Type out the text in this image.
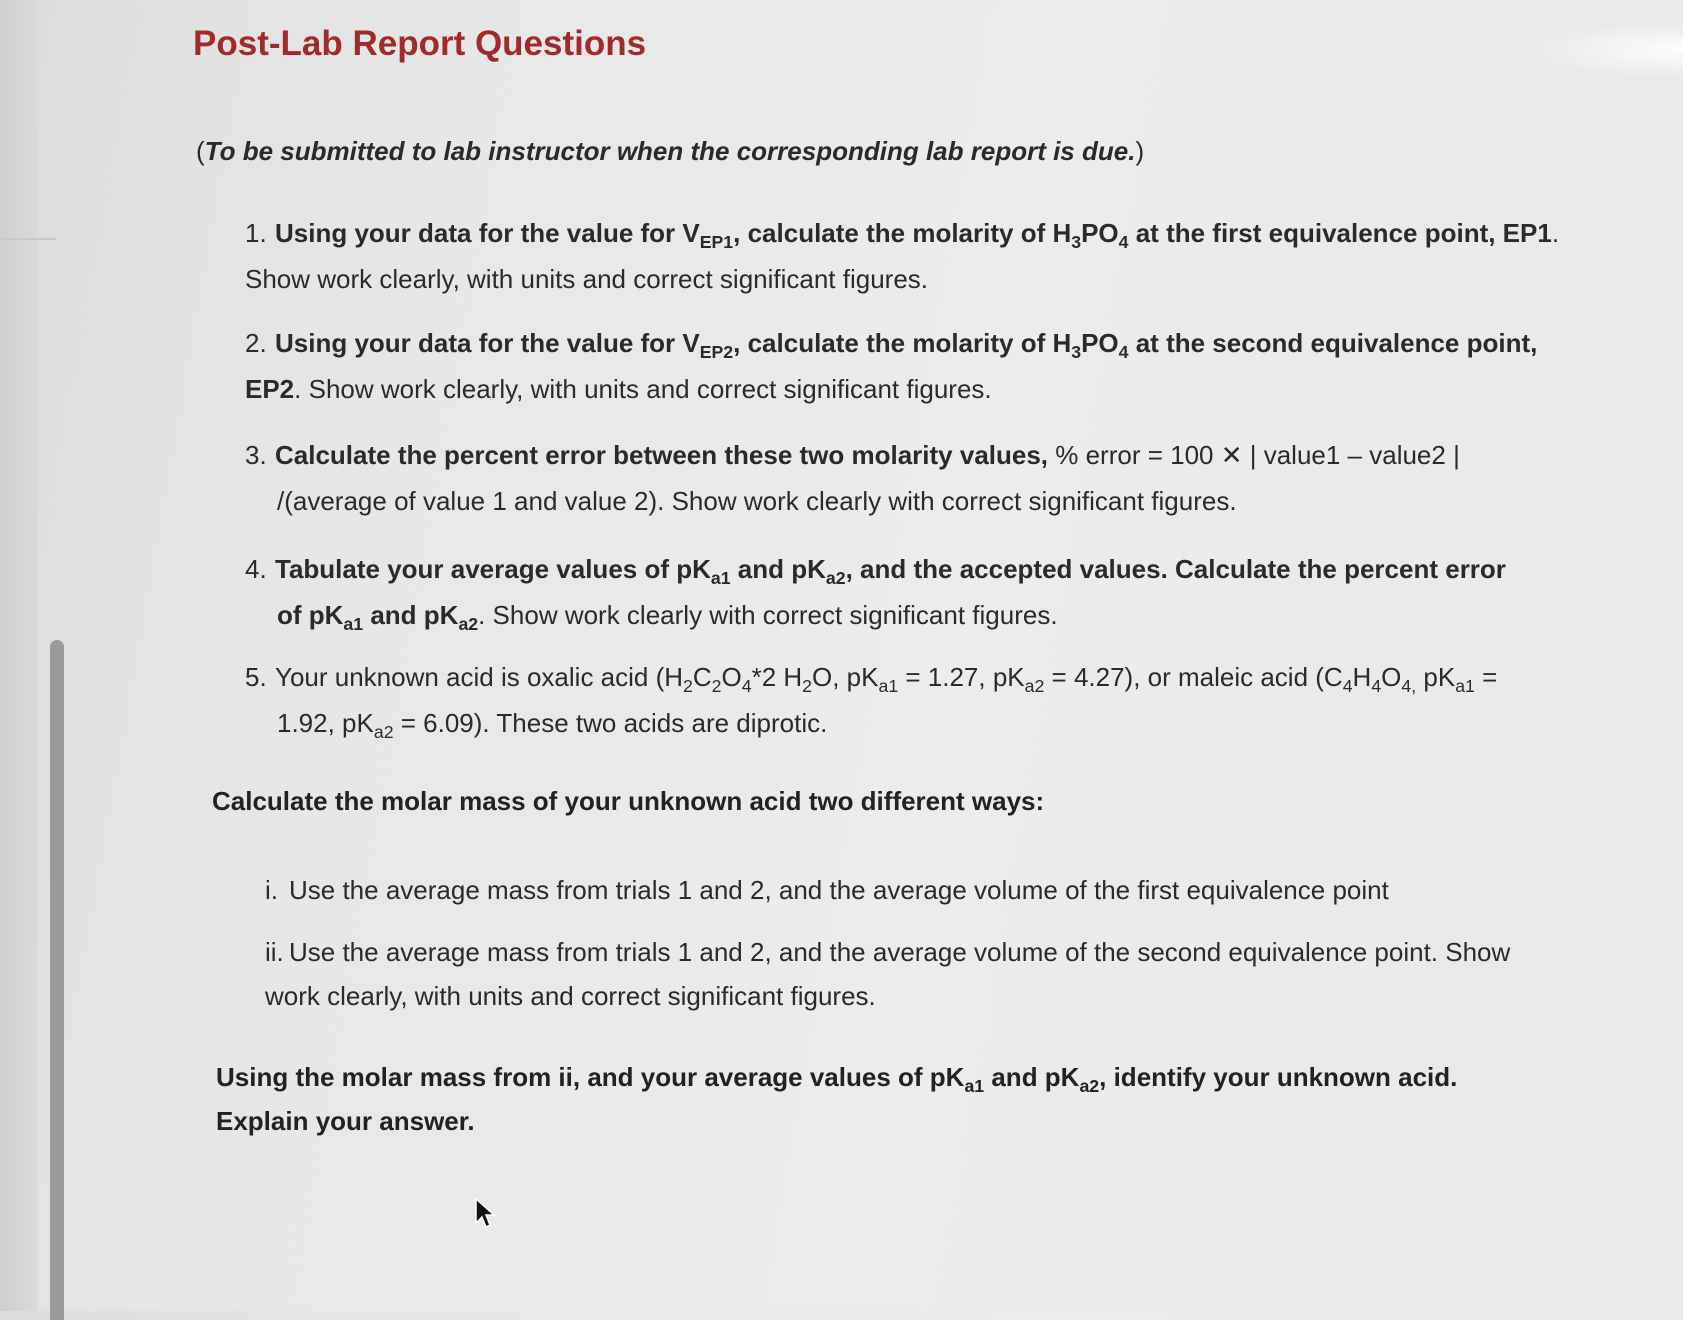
Post-Lab Report Questions

(To be submitted to lab instructor when the corresponding lab report is due.)

1. Using your data for the value for $V_{EP1}$, calculate the molarity of $H_3PO_4$ at the first equivalence point, EP1. Show work clearly, with units and correct significant figures.

2. Using your data for the value for $V_{EP2}$, calculate the molarity of $H_3PO_4$ at the second equivalence point, EP2. Show work clearly, with units and correct significant figures.

3. Calculate the percent error between these two molarity values, % error = 100 ✕ | value1 – value2 |
/(average of value 1 and value 2). Show work clearly with correct significant figures.

4. Tabulate your average values of $pK_{a1}$ and $pK_{a2}$, and the accepted values. Calculate the percent error
of $pK_{a1}$ and $pK_{a2}$. Show work clearly with correct significant figures.

5. Your unknown acid is oxalic acid ($H_2C_2O_4*2$ $H_2O$, $pK_{a1} = 1.27$, $pK_{a2} = 4.27$), or maleic acid ($C_4H_4O_{4,}$ $pK_{a1}$ =
1.92, $pK_{a2} = 6.09$). These two acids are diprotic.

Calculate the molar mass of your unknown acid two different ways:

i. Use the average mass from trials 1 and 2, and the average volume of the first equivalence point

ii. Use the average mass from trials 1 and 2, and the average volume of the second equivalence point. Show work clearly, with units and correct significant figures.

Using the molar mass from ii, and your average values of $pK_{a1}$ and $pK_{a2}$, identify your unknown acid. Explain your answer.
